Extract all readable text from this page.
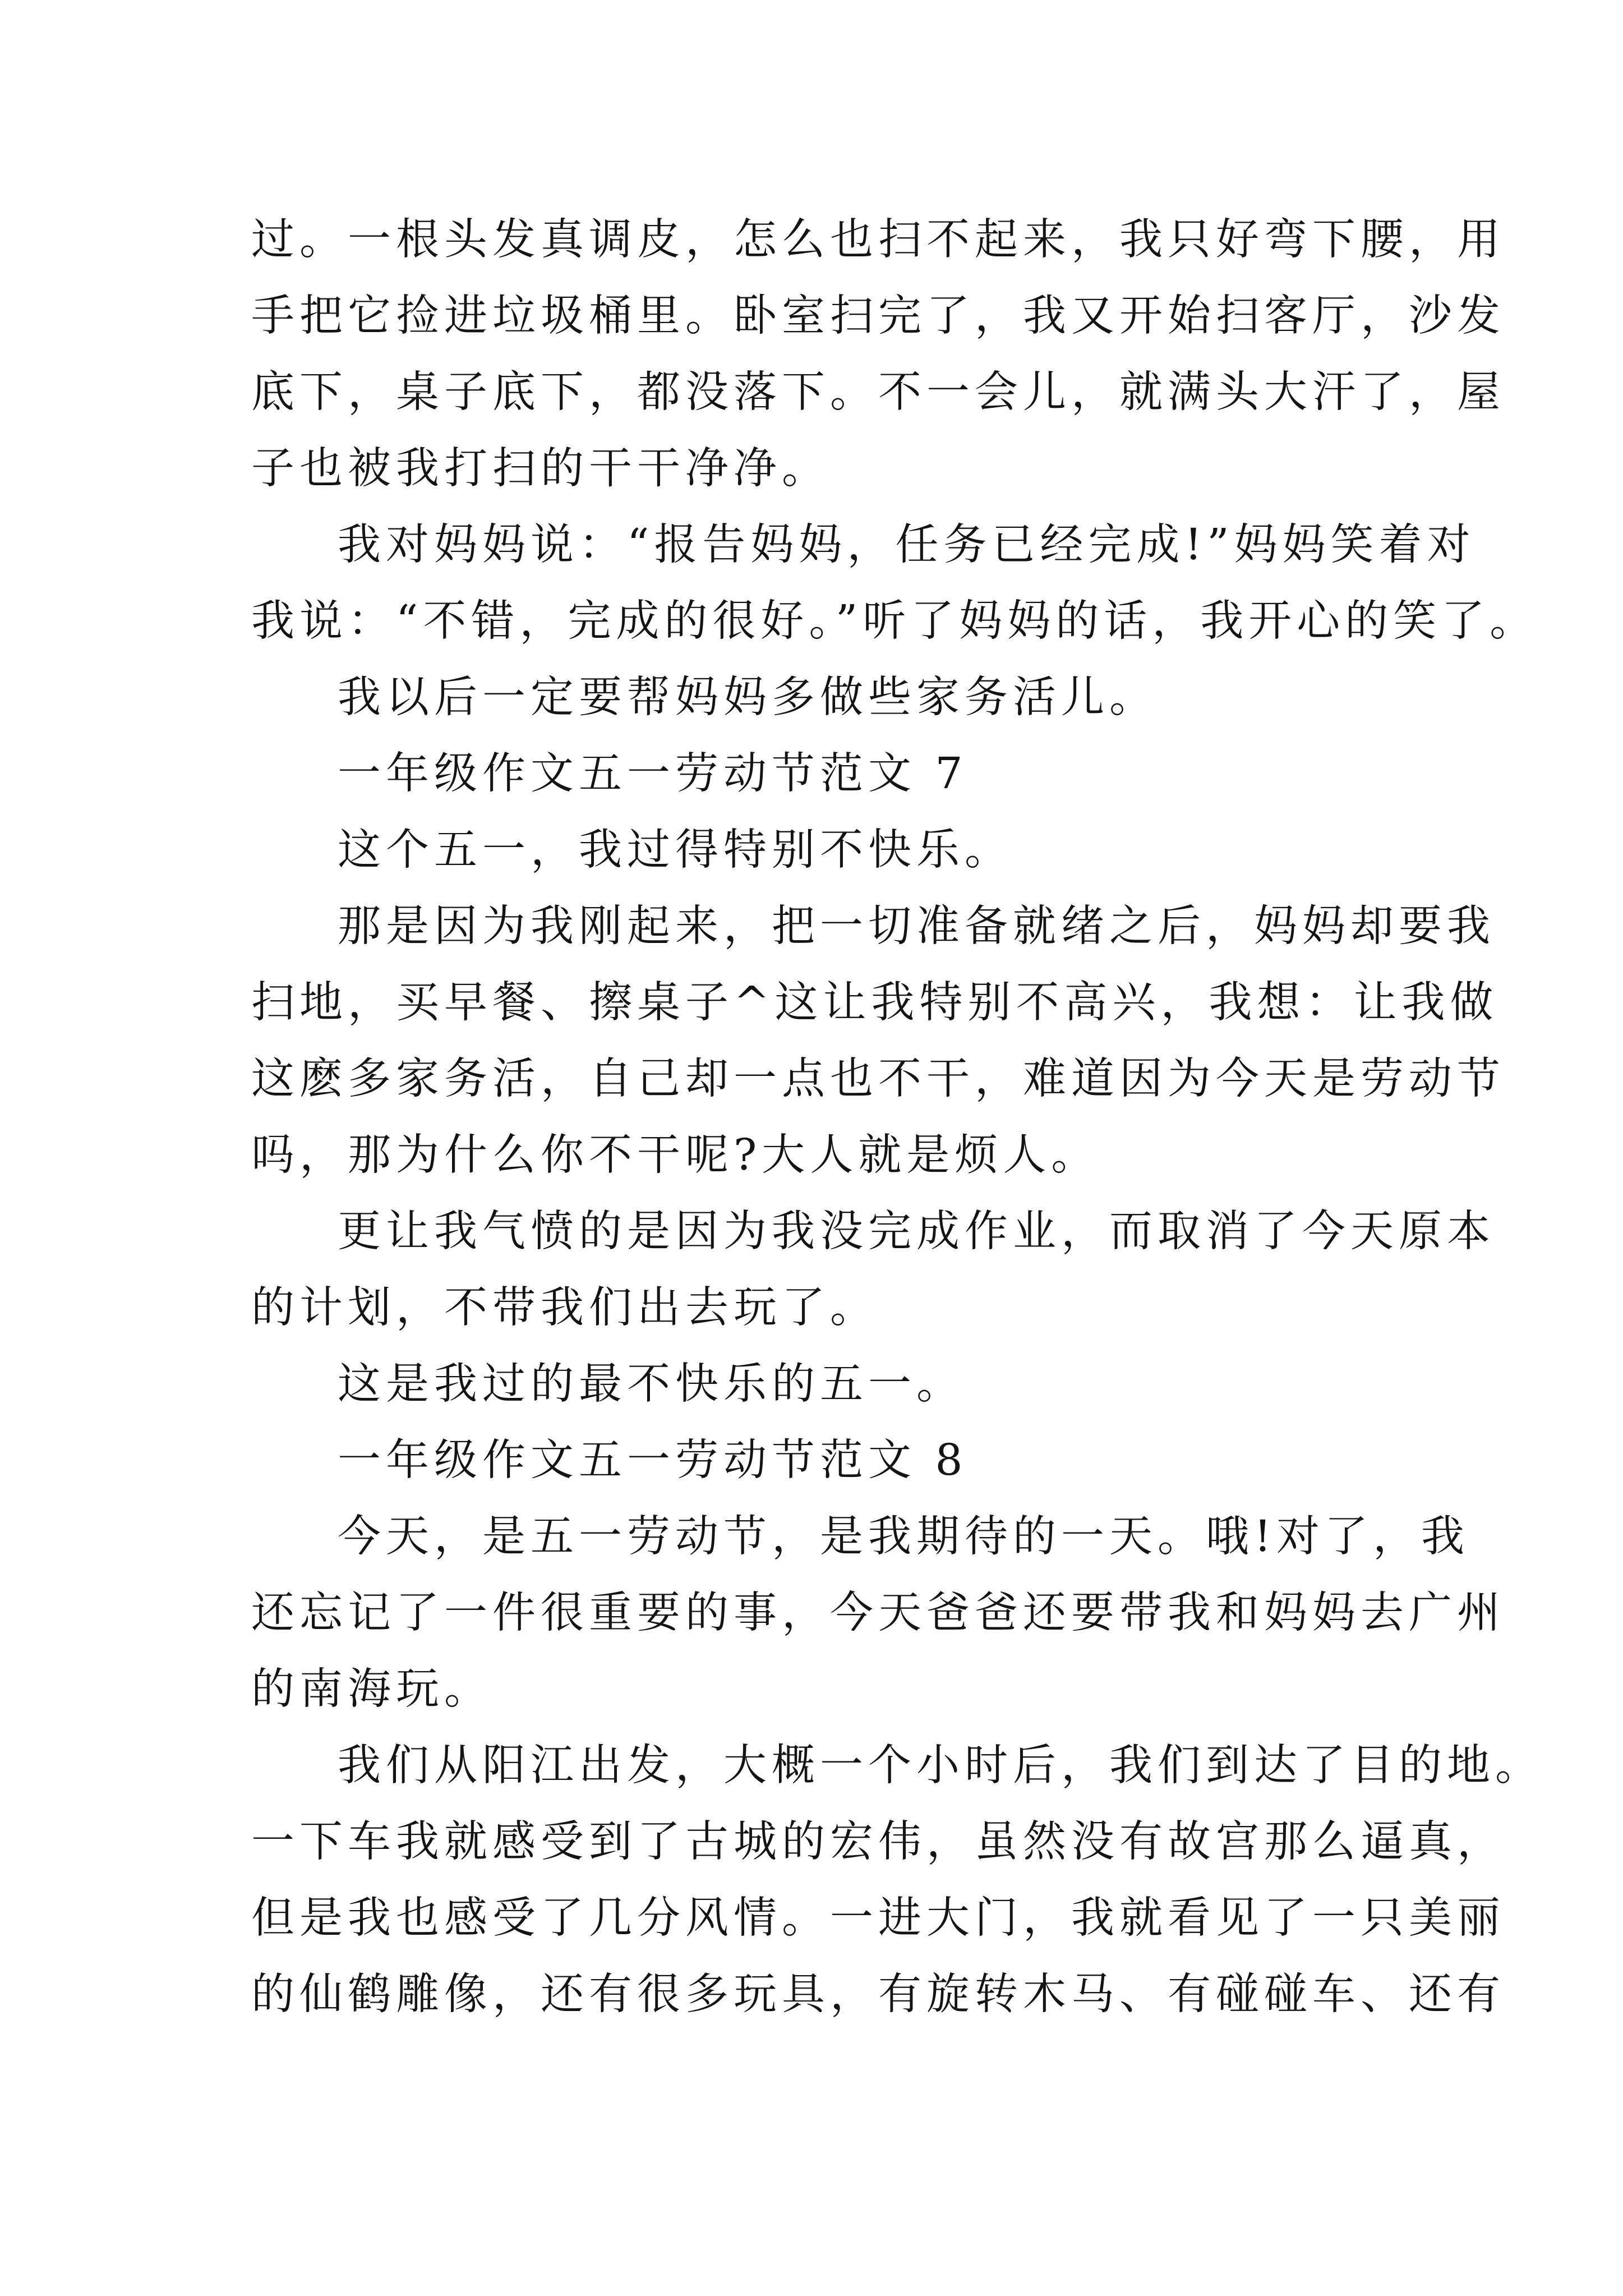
过。一根头发真调皮，怎么也扫不起来，我只好弯下腰，用
手把它捡进垃圾桶里。卧室扫完了，我又开始扫客厅，沙发
底下，桌子底下，都没落下。不一会儿，就满头大汗了，屋
子也被我打扫的干干净净。
我对妈妈说：“报告妈妈，任务已经完成!”妈妈笑着对
我说：“不错，完成的很好。”听了妈妈的话，我开心的笑了。
我以后一定要帮妈妈多做些家务活儿。
一年级作文五一劳动节范文 7
这个五一，我过得特别不快乐。
那是因为我刚起来，把一切准备就绪之后，妈妈却要我
扫地，买早餐、擦桌子^这让我特别不高兴，我想：让我做
这麽多家务活，自己却一点也不干，难道因为今天是劳动节
吗，那为什么你不干呢?大人就是烦人。
更让我气愤的是因为我没完成作业，而取消了今天原本
的计划，不带我们出去玩了。
这是我过的最不快乐的五一。
一年级作文五一劳动节范文 8
今天，是五一劳动节，是我期待的一天。哦!对了，我
还忘记了一件很重要的事，今天爸爸还要带我和妈妈去广州
的南海玩。
我们从阳江出发，大概一个小时后，我们到达了目的地。
一下车我就感受到了古城的宏伟，虽然没有故宫那么逼真，
但是我也感受了几分风情。一进大门，我就看见了一只美丽
的仙鹤雕像，还有很多玩具，有旋转木马、有碰碰车、还有
